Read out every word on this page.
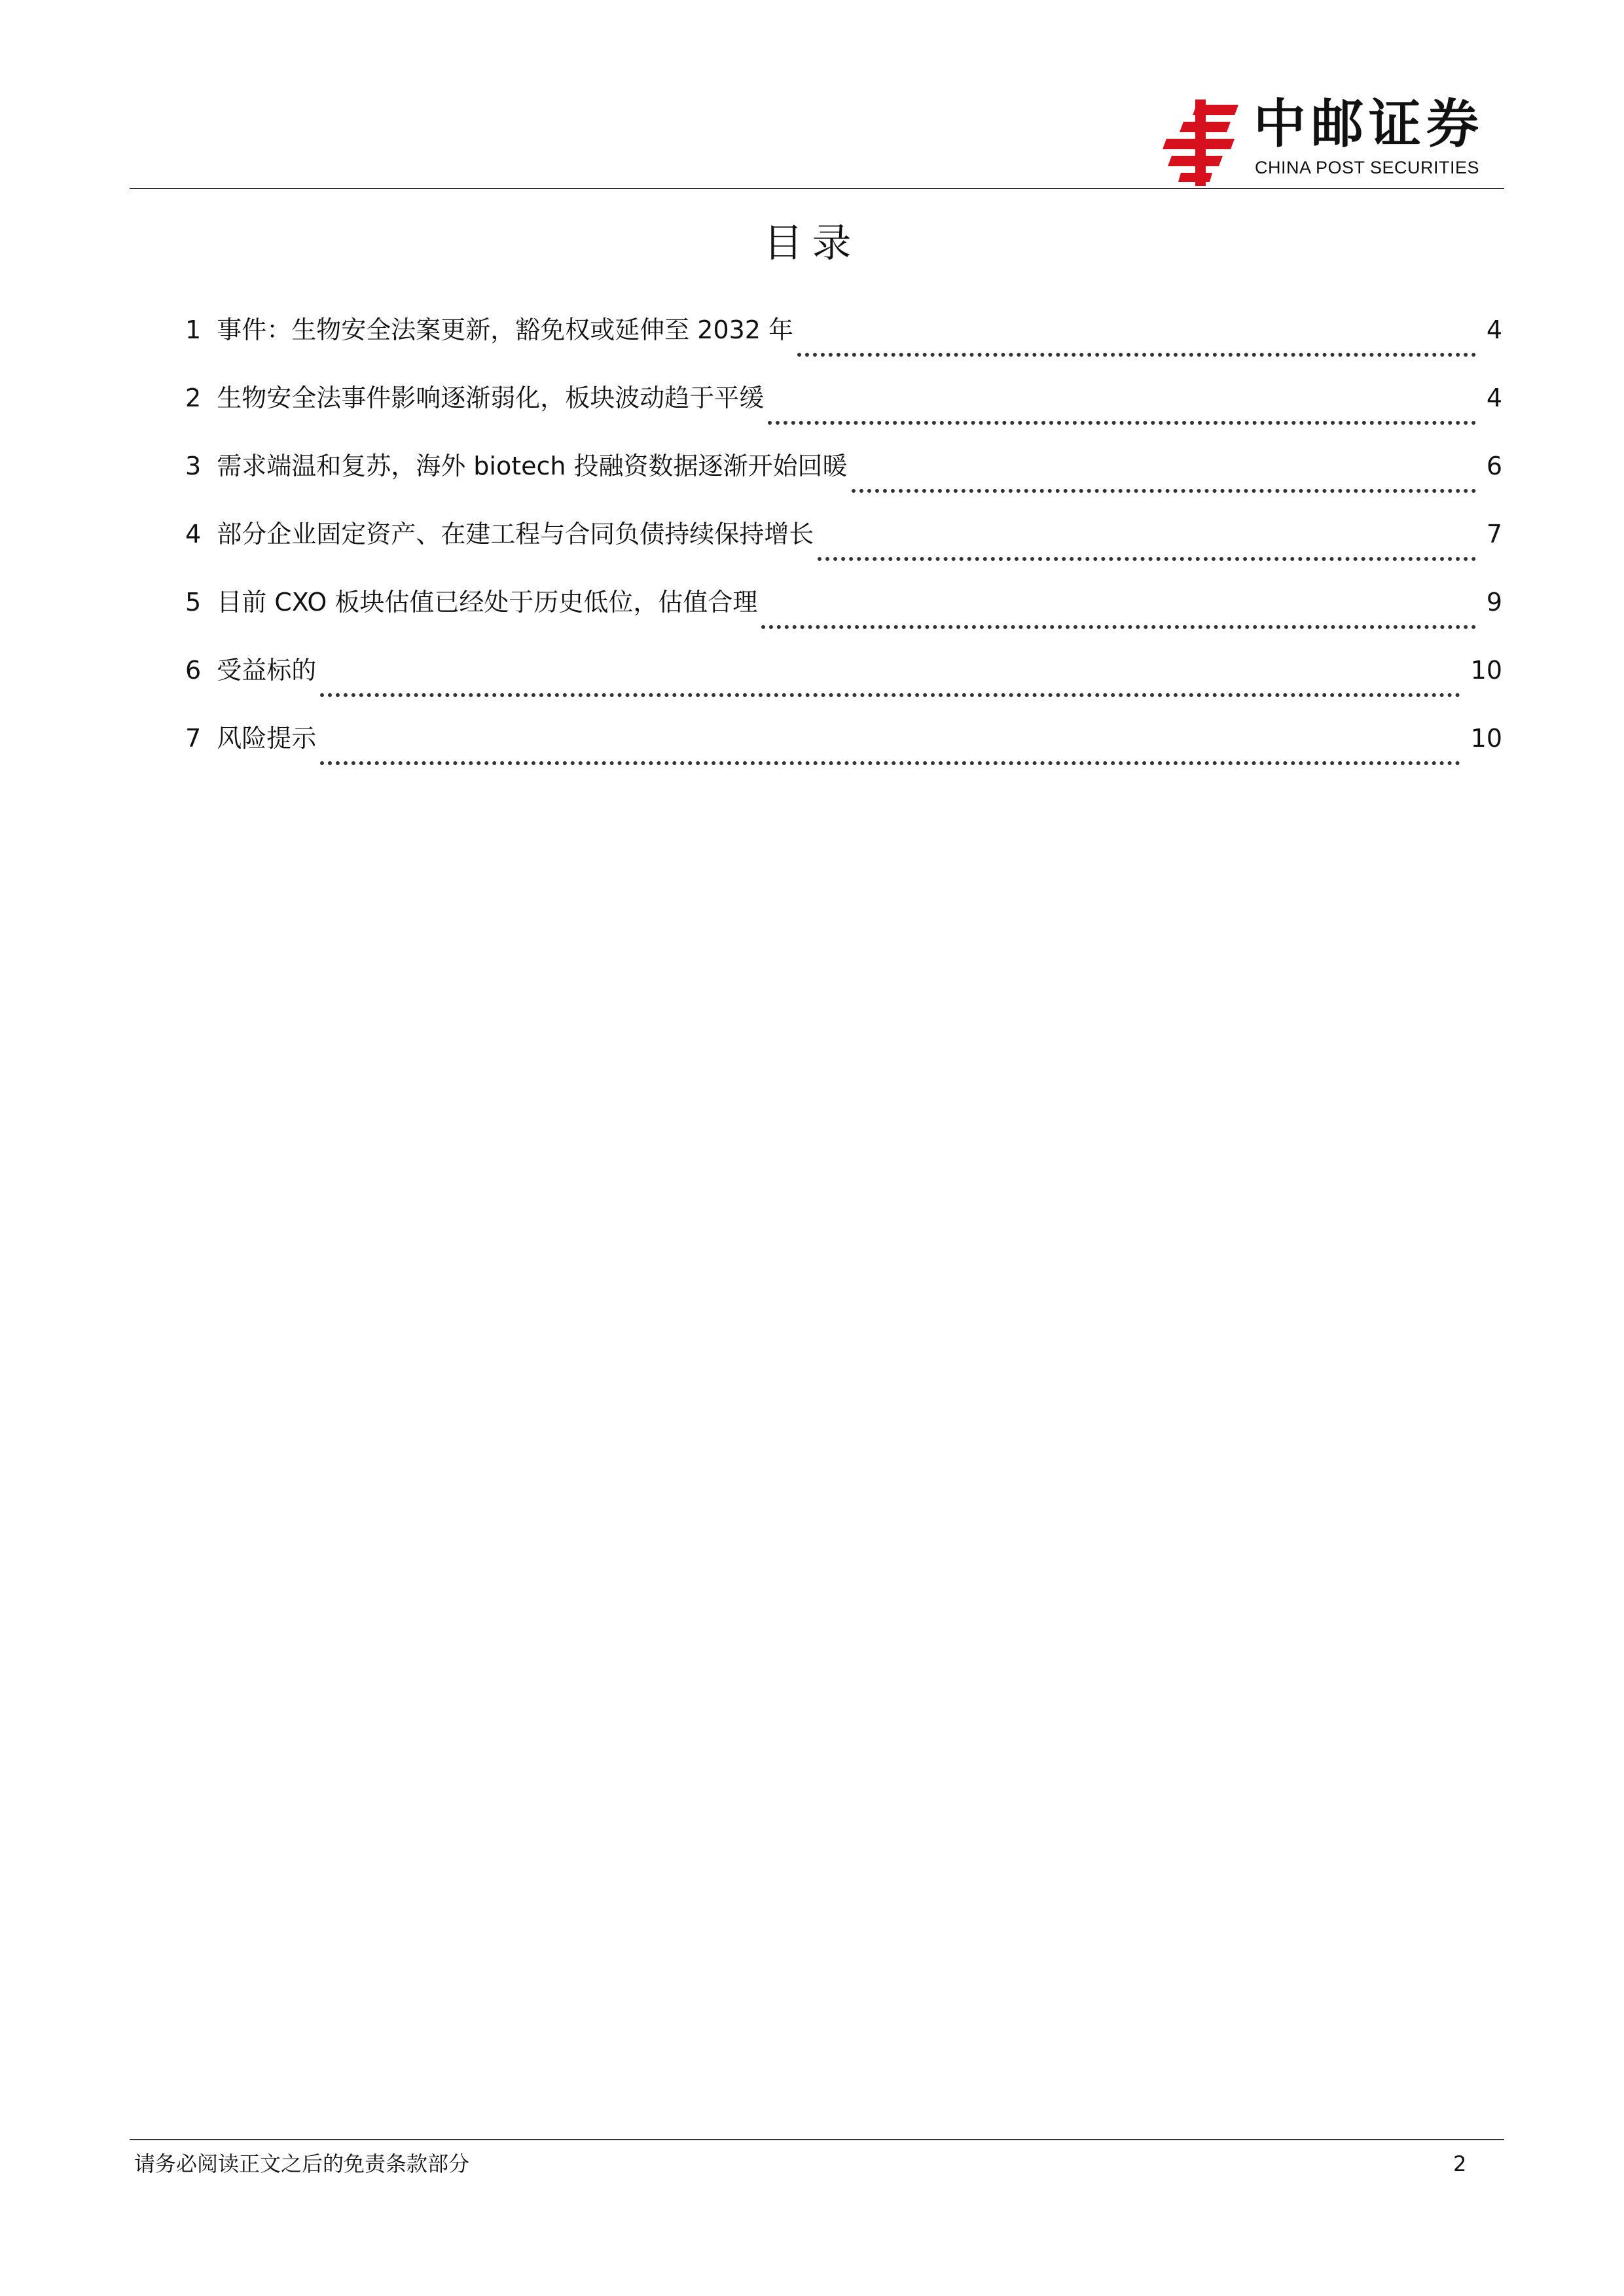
中邮证券
CHINA POST SECURITIES
目录
1 事件：生物安全法案更新，豁免权或延伸至 2032 年	4
2 生物安全法事件影响逐渐弱化，板块波动趋于平缓	4
3 需求端温和复苏，海外 biotech 投融资数据逐渐开始回暖	6
4 部分企业固定资产、在建工程与合同负债持续保持增长	7
5 目前 CXO 板块估值已经处于历史低位，估值合理	9
6 受益标的	10
7 风险提示	10
请务必阅读正文之后的免责条款部分	2
